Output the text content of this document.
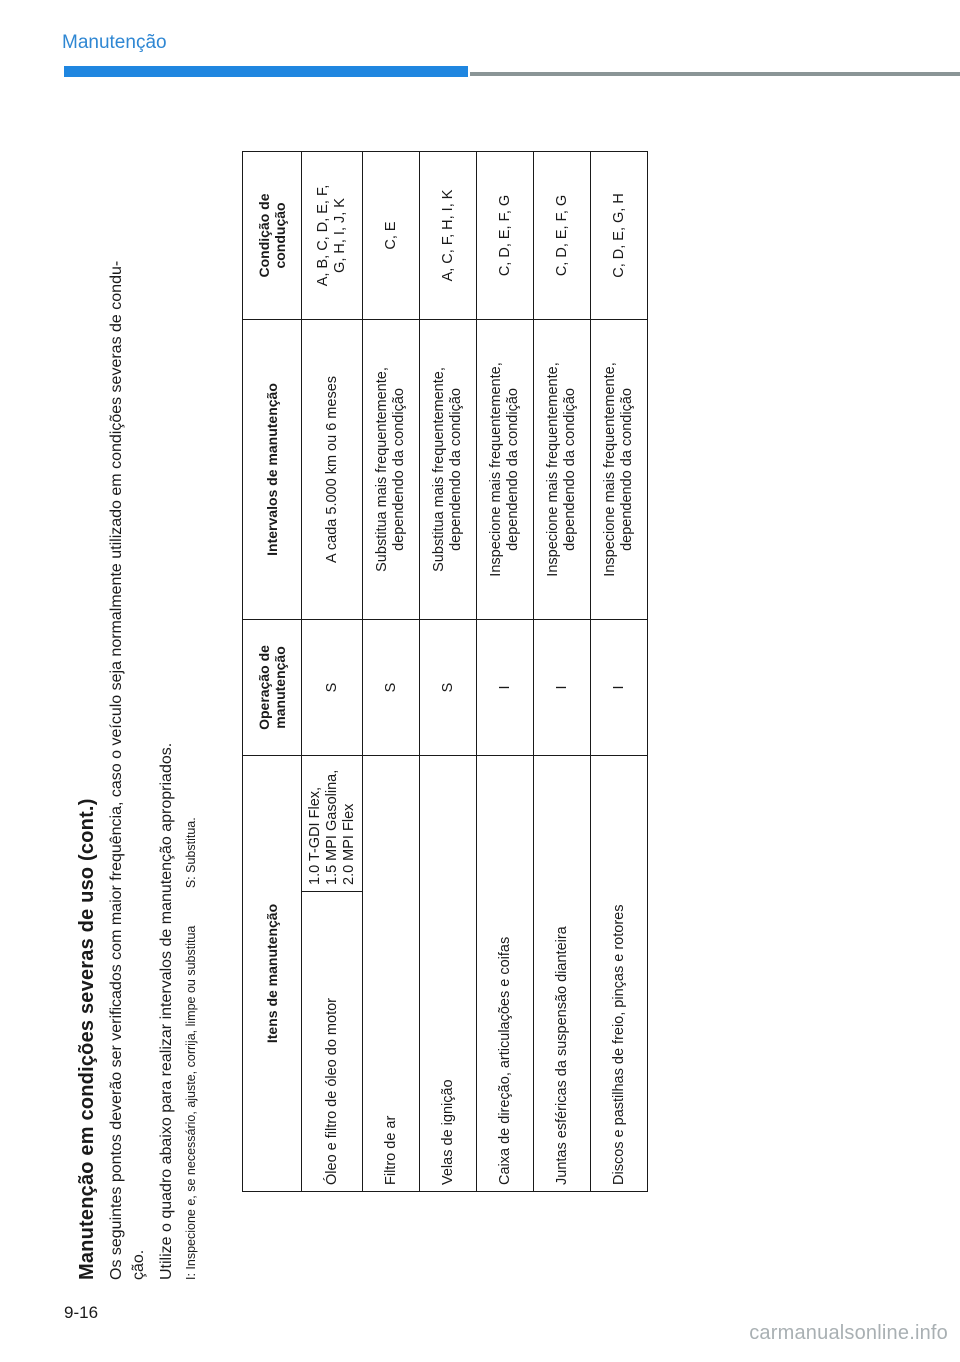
Manutenção
Manutenção em condições severas de uso (cont.) Os seguintes pontos deverão ser verificados com maior frequência, caso o veículo seja normalmente utilizado em condições severas de condu- ção. Utilize o quadro abaixo para realizar intervalos de manutenção apropriados. I: Inspecione e, se necessário, ajuste, corrija, limpe ou substitua S: Substitua.
Itens de manutenção		Operação de
manutenção	Intervalos de manutenção	Condição de
condução
Óleo e filtro de óleo do motor	1.0 T-GDI Flex,
1.5 MPI Gasolina,
2.0 MPI Flex	S	A cada 5.000 km ou 6 meses	A, B, C, D, E, F,
G, H, I, J, K
Filtro de ar		S	Substitua mais frequentemente,
dependendo da condição	C, E
Velas de ignição		S	Substitua mais frequentemente,
dependendo da condição	A, C, F, H, I, K
Caixa de direção, articulações e coifas		I	Inspecione mais frequentemente,
dependendo da condição	C, D, E, F, G
Juntas esféricas da suspensão dianteira		I	Inspecione mais frequentemente,
dependendo da condição	C, D, E, F, G
Discos e pastilhas de freio, pinças e rotores		I	Inspecione mais frequentemente,
dependendo da condição	C, D, E, G, H
9-16
carmanualsonline.info
